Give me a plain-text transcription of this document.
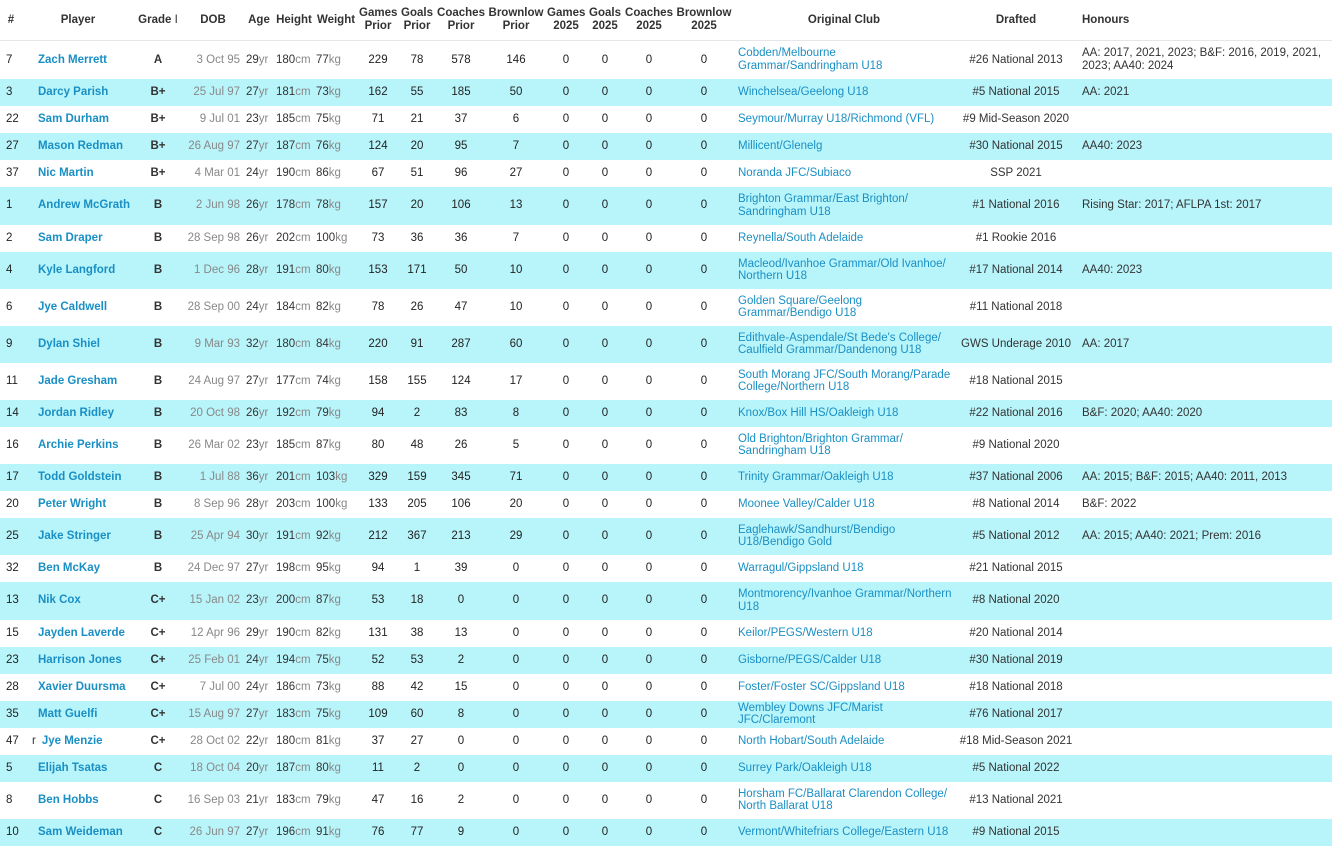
#	Player	Grade I	DOB	Age	Height	Weight	Games Prior	Goals Prior	Coaches Prior	Brownlow Prior	Games 2025	Goals 2025	Coaches 2025	Brownlow 2025	Original Club	Drafted	Honours
7	Zach Merrett	A	3 Oct 95	29yr	180cm	77kg	229	78	578	146	0	0	0	0	Cobden/Melbourne Grammar/Sandringham U18	#26 National 2013	AA: 2017, 2021, 2023; B&F: 2016, 2019, 2021, 2023; AA40: 2024
3	Darcy Parish	B+	25 Jul 97	27yr	181cm	73kg	162	55	185	50	0	0	0	0	Winchelsea/Geelong U18	#5 National 2015	AA: 2021
22	Sam Durham	B+	9 Jul 01	23yr	185cm	75kg	71	21	37	6	0	0	0	0	Seymour/Murray U18/Richmond (VFL)	#9 Mid-Season 2020	
27	Mason Redman	B+	26 Aug 97	27yr	187cm	76kg	124	20	95	7	0	0	0	0	Millicent/Glenelg	#30 National 2015	AA40: 2023
37	Nic Martin	B+	4 Mar 01	24yr	190cm	86kg	67	51	96	27	0	0	0	0	Noranda JFC/Subiaco	SSP 2021	
1	Andrew McGrath	B	2 Jun 98	26yr	178cm	78kg	157	20	106	13	0	0	0	0	Brighton Grammar/East Brighton/ Sandringham U18	#1 National 2016	Rising Star: 2017; AFLPA 1st: 2017
2	Sam Draper	B	28 Sep 98	26yr	202cm	100kg	73	36	36	7	0	0	0	0	Reynella/South Adelaide	#1 Rookie 2016	
4	Kyle Langford	B	1 Dec 96	28yr	191cm	80kg	153	171	50	10	0	0	0	0	Macleod/Ivanhoe Grammar/Old Ivanhoe/ Northern U18	#17 National 2014	AA40: 2023
6	Jye Caldwell	B	28 Sep 00	24yr	184cm	82kg	78	26	47	10	0	0	0	0	Golden Square/Geelong Grammar/Bendigo U18	#11 National 2018	
9	Dylan Shiel	B	9 Mar 93	32yr	180cm	84kg	220	91	287	60	0	0	0	0	Edithvale-Aspendale/St Bede's College/ Caulfield Grammar/Dandenong U18	GWS Underage 2010	AA: 2017
11	Jade Gresham	B	24 Aug 97	27yr	177cm	74kg	158	155	124	17	0	0	0	0	South Morang JFC/South Morang/Parade College/Northern U18	#18 National 2015	
14	Jordan Ridley	B	20 Oct 98	26yr	192cm	79kg	94	2	83	8	0	0	0	0	Knox/Box Hill HS/Oakleigh U18	#22 National 2016	B&F: 2020; AA40: 2020
16	Archie Perkins	B	26 Mar 02	23yr	185cm	87kg	80	48	26	5	0	0	0	0	Old Brighton/Brighton Grammar/ Sandringham U18	#9 National 2020	
17	Todd Goldstein	B	1 Jul 88	36yr	201cm	103kg	329	159	345	71	0	0	0	0	Trinity Grammar/Oakleigh U18	#37 National 2006	AA: 2015; B&F: 2015; AA40: 2011, 2013
20	Peter Wright	B	8 Sep 96	28yr	203cm	100kg	133	205	106	20	0	0	0	0	Moonee Valley/Calder U18	#8 National 2014	B&F: 2022
25	Jake Stringer	B	25 Apr 94	30yr	191cm	92kg	212	367	213	29	0	0	0	0	Eaglehawk/Sandhurst/Bendigo U18/Bendigo Gold	#5 National 2012	AA: 2015; AA40: 2021; Prem: 2016
32	Ben McKay	B	24 Dec 97	27yr	198cm	95kg	94	1	39	0	0	0	0	0	Warragul/Gippsland U18	#21 National 2015	
13	Nik Cox	C+	15 Jan 02	23yr	200cm	87kg	53	18	0	0	0	0	0	0	Montmorency/Ivanhoe Grammar/Northern U18	#8 National 2020	
15	Jayden Laverde	C+	12 Apr 96	29yr	190cm	82kg	131	38	13	0	0	0	0	0	Keilor/PEGS/Western U18	#20 National 2014	
23	Harrison Jones	C+	25 Feb 01	24yr	194cm	75kg	52	53	2	0	0	0	0	0	Gisborne/PEGS/Calder U18	#30 National 2019	
28	Xavier Duursma	C+	7 Jul 00	24yr	186cm	73kg	88	42	15	0	0	0	0	0	Foster/Foster SC/Gippsland U18	#18 National 2018	
35	Matt Guelfi	C+	15 Aug 97	27yr	183cm	75kg	109	60	8	0	0	0	0	0	Wembley Downs JFC/Marist JFC/Claremont	#76 National 2017	
47	r Jye Menzie	C+	28 Oct 02	22yr	180cm	81kg	37	27	0	0	0	0	0	0	North Hobart/South Adelaide	#18 Mid-Season 2021	
5	Elijah Tsatas	C	18 Oct 04	20yr	187cm	80kg	11	2	0	0	0	0	0	0	Surrey Park/Oakleigh U18	#5 National 2022	
8	Ben Hobbs	C	16 Sep 03	21yr	183cm	79kg	47	16	2	0	0	0	0	0	Horsham FC/Ballarat Clarendon College/ North Ballarat U18	#13 National 2021	
10	Sam Weideman	C	26 Jun 97	27yr	196cm	91kg	76	77	9	0	0	0	0	0	Vermont/Whitefriars College/Eastern U18	#9 National 2015	
